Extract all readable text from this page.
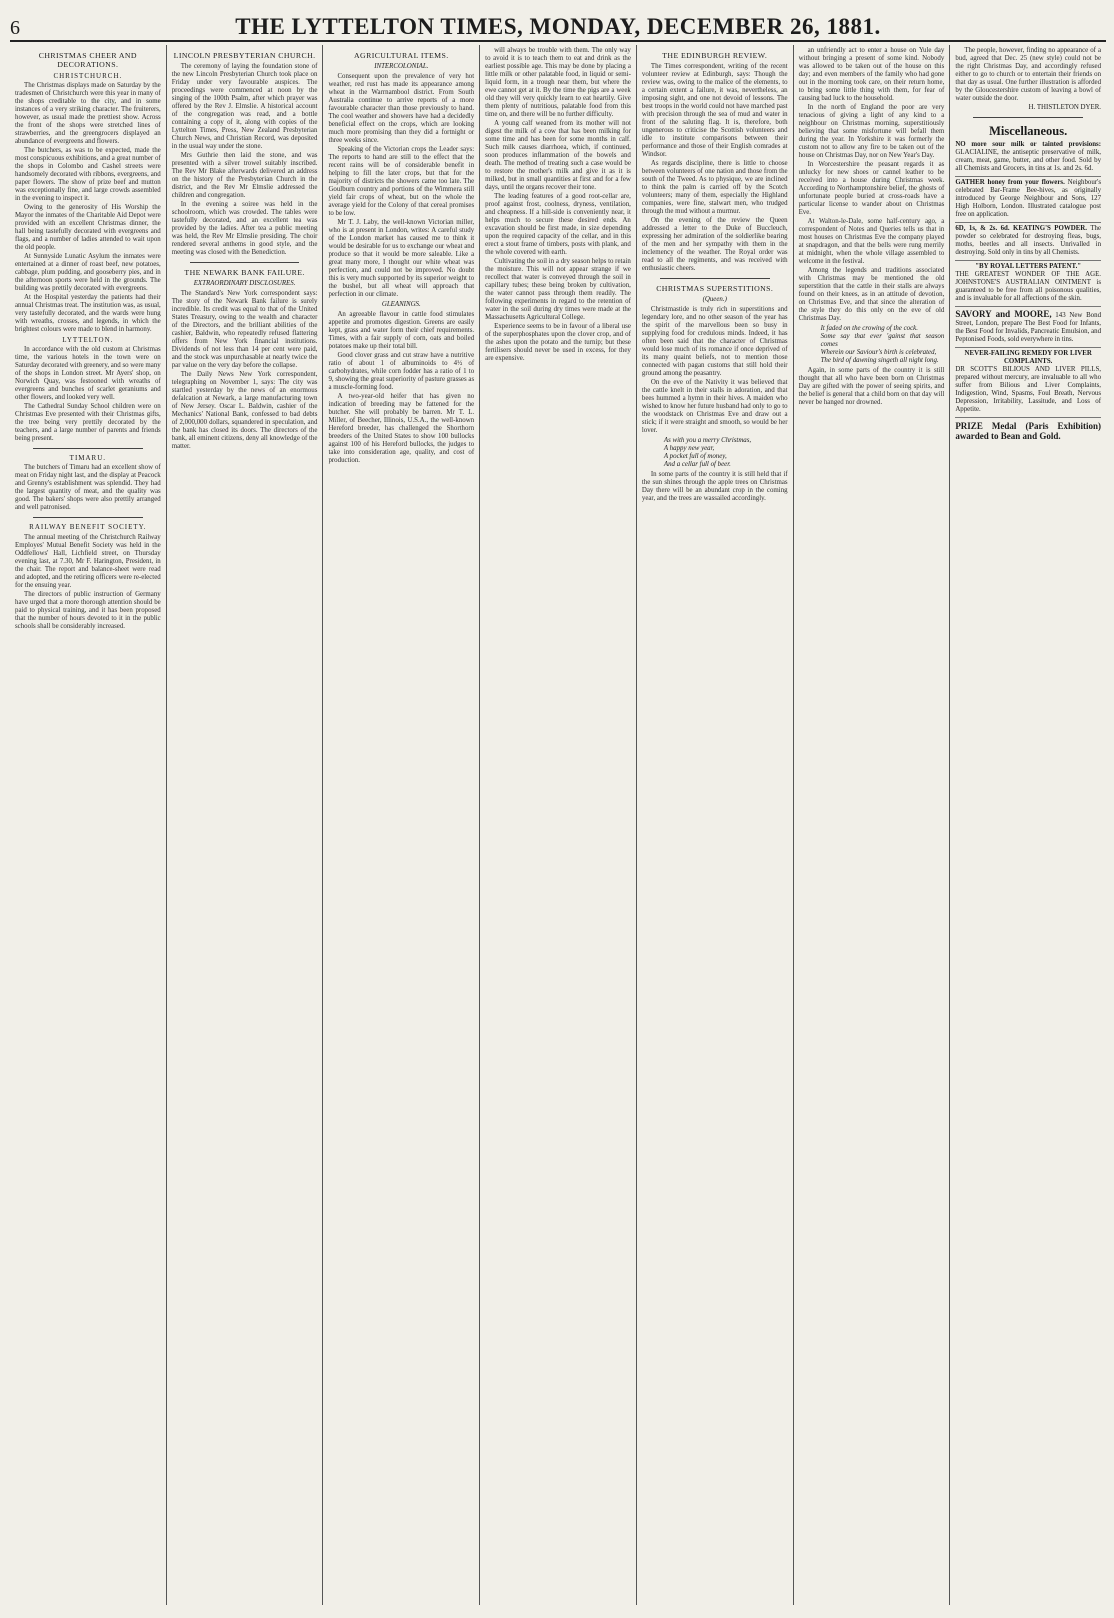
6	THE LYTTELTON TIMES, MONDAY, DECEMBER 26, 1881.
CHRISTMAS CHEER AND DECORATIONS.
CHRISTCHURCH.

The Christmas displays made on Saturday by the tradesmen of Christchurch were this year in many of the shops creditable to the city, and in some instances of a very striking character. The fruiterers, however, as usual made the prettiest show. Across the front of the shops were stretched lines of strawberries, and the greengrocers displayed an abundance of evergreens and flowers.

The butchers, as was to be expected, made the most conspicuous exhibitions, and a great number of the shops in Colombo and Cashel streets were handsomely decorated with ribbons, evergreens, and paper flowers. The show of prize beef and mutton was exceptionally fine, and large crowds assembled in the evening to inspect it.

Owing to the generosity of His Worship the Mayor the inmates of the Charitable Aid Depot were provided with an excellent Christmas dinner, the hall being tastefully decorated with evergreens and flags, and a number of ladies attended to wait upon the old people.

At Sunnyside Lunatic Asylum the inmates were entertained at a dinner of roast beef, new potatoes, cabbage, plum pudding, and gooseberry pies, and in the afternoon sports were held in the grounds. The building was prettily decorated with evergreens.

At the Hospital yesterday the patients had their annual Christmas treat. The institution was, as usual, very tastefully decorated, and the wards were hung with wreaths, crosses, and legends, in which the brightest colours were made to blend in harmony.

LYTTELTON.

In accordance with the old custom at Christmas time, the various hotels in the town were on Saturday decorated with greenery, and so were many of the shops in London street. Mr Ayers' shop, on Norwich Quay, was festooned with wreaths of evergreens and bunches of scarlet geraniums and other flowers, and looked very well.

The Cathedral Sunday School children were on Christmas Eve presented with their Christmas gifts, the tree being very prettily decorated by the teachers, and a large number of parents and friends being present.

TIMARU.

The butchers of Timaru had an excellent show of meat on Friday night last, and the display at Peacock and Grenny's establishment was splendid. They had the largest quantity of meat, and the quality was good. The bakers' shops were also prettily arranged and well patronised.

RAILWAY BENEFIT SOCIETY.

The annual meeting of the Christchurch Railway Employes' Mutual Benefit Society was held in the Oddfellows' Hall, Lichfield street, on Thursday evening last, at 7.30, Mr F. Harington, President, in the chair. The report and balance-sheet were read and adopted, and the retiring officers were re-elected for the ensuing year.

The directors of public instruction of Germany have urged that a more thorough attention should be paid to physical training, and it has been proposed that the number of hours devoted to it in the public schools shall be considerably increased.

LINCOLN PRESBYTERIAN CHURCH.

The ceremony of laying the foundation stone of the new Lincoln Presbyterian Church took place on Friday under very favourable auspices. The proceedings were commenced at noon by the singing of the 100th Psalm, after which prayer was offered by the Rev J. Elmslie. A historical account of the congregation was read, and a bottle containing a copy of it, along with copies of the Lyttelton Times, Press, New Zealand Presbyterian Church News, and Christian Record, was deposited in the usual way under the stone.

Mrs Guthrie then laid the stone, and was presented with a silver trowel suitably inscribed. The Rev Mr Blake afterwards delivered an address on the history of the Presbyterian Church in the district, and the Rev Mr Elmslie addressed the children and congregation.

In the evening a soiree was held in the schoolroom, which was crowded. The tables were tastefully decorated, and an excellent tea was provided by the ladies. After tea a public meeting was held, the Rev Mr Elmslie presiding. The choir rendered several anthems in good style, and the meeting was closed with the Benediction.

THE NEWARK BANK FAILURE.
EXTRAORDINARY DISCLOSURES.

The Standard's New York correspondent says: The story of the Newark Bank failure is surely incredible. Its credit was equal to that of the United States Treasury, owing to the wealth and character of the Directors, and the brilliant abilities of the cashier, Baldwin, who repeatedly refused flattering offers from New York financial institutions. Dividends of not less than 14 per cent were paid, and the stock was unpurchasable at nearly twice the par value on the very day before the collapse.

The Daily News New York correspondent, telegraphing on November 1, says: The city was startled yesterday by the news of an enormous defalcation at Newark, a large manufacturing town of New Jersey. Oscar L. Baldwin, cashier of the Mechanics' National Bank, confessed to bad debts of 2,000,000 dollars, squandered in speculation, and the bank has closed its doors. The directors of the bank, all eminent citizens, deny all knowledge of the matter.

AGRICULTURAL ITEMS.
INTERCOLONIAL.

Consequent upon the prevalence of very hot weather, red rust has made its appearance among wheat in the Warrnambool district. From South Australia continue to arrive reports of a more favourable character than those previously to hand. The cool weather and showers have had a decidedly beneficial effect on the crops, which are looking much more promising than they did a fortnight or three weeks since.

Speaking of the Victorian crops the Leader says: The reports to hand are still to the effect that the recent rains will be of considerable benefit in helping to fill the later crops, but that for the majority of districts the showers came too late. The Goulburn country and portions of the Wimmera still yield fair crops of wheat, but on the whole the average yield for the Colony of that cereal promises to be low.

Mr T. J. Laby, the well-known Victorian miller, who is at present in London, writes: A careful study of the London market has caused me to think it would be desirable for us to exchange our wheat and produce so that it would be more saleable. Like a great many more, I thought our white wheat was perfection, and could not be improved. No doubt this is very much supported by its superior weight to the bushel, but all wheat will approach that perfection in our climate.

GLEANINGS.

An agreeable flavour in cattle food stimulates appetite and promotes digestion. Greens are easily kept, grass and water form their chief requirements. Times, with a fair supply of corn, oats and boiled potatoes make up their total bill.

Good clover grass and cut straw have a nutritive ratio of about 1 of albuminoids to 4½ of carbohydrates, while corn fodder has a ratio of 1 to 9, showing the great superiority of pasture grasses as a muscle-forming food.

A two-year-old heifer that has given no indication of breeding may be fattened for the butcher. She will probably be barren. Mr T. L. Miller, of Beecher, Illinois, U.S.A., the well-known Hereford breeder, has challenged the Shorthorn breeders of the United States to show 100 bullocks against 100 of his Hereford bullocks, the judges to take into consideration age, quality, and cost of production.

will always be trouble with them. The only way to avoid it is to teach them to eat and drink as the earliest possible age. This may be done by placing a little milk or other palatable food, in liquid or semi-liquid form, in a trough near them, but where the ewe cannot get at it. By the time the pigs are a week old they will very quickly learn to eat heartily. Give them plenty of nutritious, palatable food from this time on, and there will be no further difficulty.

A young calf weaned from its mother will not digest the milk of a cow that has been milking for some time and has been for some months in calf. Such milk causes diarrhoea, which, if continued, soon produces inflammation of the bowels and death. The method of treating such a case would be to restore the mother's milk and give it as it is milked, but in small quantities at first and for a few days, until the organs recover their tone.

The leading features of a good root-cellar are, proof against frost, coolness, dryness, ventilation, and cheapness. If a hill-side is conveniently near, it helps much to secure these desired ends. An excavation should be first made, in size depending upon the required capacity of the cellar, and in this erect a stout frame of timbers, posts with plank, and the whole covered with earth.

Cultivating the soil in a dry season helps to retain the moisture. This will not appear strange if we recollect that water is conveyed through the soil in capillary tubes; these being broken by cultivation, the water cannot pass through them readily. The following experiments in regard to the retention of water in the soil during dry times were made at the Massachusetts Agricultural College.

Experience seems to be in favour of a liberal use of the superphosphates upon the clover crop, and of the ashes upon the potato and the turnip; but these fertilisers should never be used in excess, for they are expensive.

THE EDINBURGH REVIEW.

The Times correspondent, writing of the recent volunteer review at Edinburgh, says: Though the review was, owing to the malice of the elements, to a certain extent a failure, it was, nevertheless, an imposing sight, and one not devoid of lessons. The best troops in the world could not have marched past with precision through the sea of mud and water in front of the saluting flag. It is, therefore, both ungenerous to criticise the Scottish volunteers and idle to institute comparisons between their performance and those of their English comrades at Windsor.

As regards discipline, there is little to choose between volunteers of one nation and those from the south of the Tweed. As to physique, we are inclined to think the palm is carried off by the Scotch volunteers; many of them, especially the Highland companies, were fine, stalwart men, who trudged through the mud without a murmur.

On the evening of the review the Queen addressed a letter to the Duke of Buccleuch, expressing her admiration of the soldierlike bearing of the men and her sympathy with them in the inclemency of the weather. The Royal order was read to all the regiments, and was received with enthusiastic cheers.

CHRISTMAS SUPERSTITIONS.
(Queen.)

Christmastide is truly rich in superstitions and legendary lore, and no other season of the year has the spirit of the marvellous been so busy in supplying food for credulous minds. Indeed, it has often been said that the character of Christmas would lose much of its romance if once deprived of its many quaint beliefs, not to mention those connected with pagan customs that still hold their ground among the peasantry.

On the eve of the Nativity it was believed that the cattle knelt in their stalls in adoration, and that bees hummed a hymn in their hives. A maiden who wished to know her future husband had only to go to the woodstack on Christmas Eve and draw out a stick; if it were straight and smooth, so would be her lover.

As with you a merry Christmas,
A happy new year,
A pocket full of money,
And a cellar full of beer.

In some parts of the country it is still held that if the sun shines through the apple trees on Christmas Day there will be an abundant crop in the coming year, and the trees are wassailed accordingly.

an unfriendly act to enter a house on Yule day without bringing a present of some kind. Nobody was allowed to be taken out of the house on this day; and even members of the family who had gone out in the morning took care, on their return home, to bring some little thing with them, for fear of causing bad luck to the household.

In the north of England the poor are very tenacious of giving a light of any kind to a neighbour on Christmas morning, superstitiously believing that some misfortune will befall them during the year. In Yorkshire it was formerly the custom not to allow any fire to be taken out of the house on Christmas Day, nor on New Year's Day.

In Worcestershire the peasant regards it as unlucky for new shoes or cannel leather to be received into a house during Christmas week. According to Northamptonshire belief, the ghosts of unfortunate people buried at cross-roads have a particular license to wander about on Christmas Eve.

At Walton-le-Dale, some half-century ago, a correspondent of Notes and Queries tells us that in most houses on Christmas Eve the company played at snapdragon, and that the bells were rung merrily at midnight, when the whole village assembled to welcome in the festival.

Among the legends and traditions associated with Christmas may be mentioned the old superstition that the cattle in their stalls are always found on their knees, as in an attitude of devotion, on Christmas Eve, and that since the alteration of the style they do this only on the eve of old Christmas Day.

It faded on the crowing of the cock.
Some say that ever 'gainst that season comes
Wherein our Saviour's birth is celebrated,
The bird of dawning singeth all night long.

Again, in some parts of the country it is still thought that all who have been born on Christmas Day are gifted with the power of seeing spirits, and the belief is general that a child born on that day will never be hanged nor drowned.

The people, however, finding no appearance of a bud, agreed that Dec. 25 (new style) could not be the right Christmas Day, and accordingly refused either to go to church or to entertain their friends on that day as usual. One further illustration is afforded by the Gloucestershire custom of leaving a bowl of water outside the door.

H. THISTLETON DYER.

Miscellaneous.
NO more sour milk or tainted provisions: GLACIALINE, the antiseptic preservative of milk, cream, meat, game, butter, and other food. Sold by all Chemists and Grocers, in tins at 1s. and 2s. 6d.
GATHER honey from your flowers. Neighbour's celebrated Bar-Frame Bee-hives, as originally introduced by George Neighbour and Sons, 127 High Holborn, London. Illustrated catalogue post free on application.
6D, 1s, & 2s. 6d. KEATING'S POWDER. The powder so celebrated for destroying fleas, bugs, moths, beetles and all insects. Unrivalled in destroying. Sold only in tins by all Chemists.
"BY ROYAL LETTERS PATENT."
THE GREATEST WONDER OF THE AGE. JOHNSTONE'S AUSTRALIAN OINTMENT is guaranteed to be free from all poisonous qualities, and is invaluable for all affections of the skin.
SAVORY and MOORE, 143 New Bond Street, London, prepare The Best Food for Infants, the Best Food for Invalids, Pancreatic Emulsion, and Peptonised Foods, sold everywhere in tins.
NEVER-FAILING REMEDY FOR LIVER COMPLAINTS.
DR SCOTT'S BILIOUS AND LIVER PILLS, prepared without mercury, are invaluable to all who suffer from Bilious and Liver Complaints, Indigestion, Wind, Spasms, Foul Breath, Nervous Depression, Irritability, Lassitude, and Loss of Appetite.

PRIZE Medal (Paris Exhibition) awarded to Bean and Gold.
